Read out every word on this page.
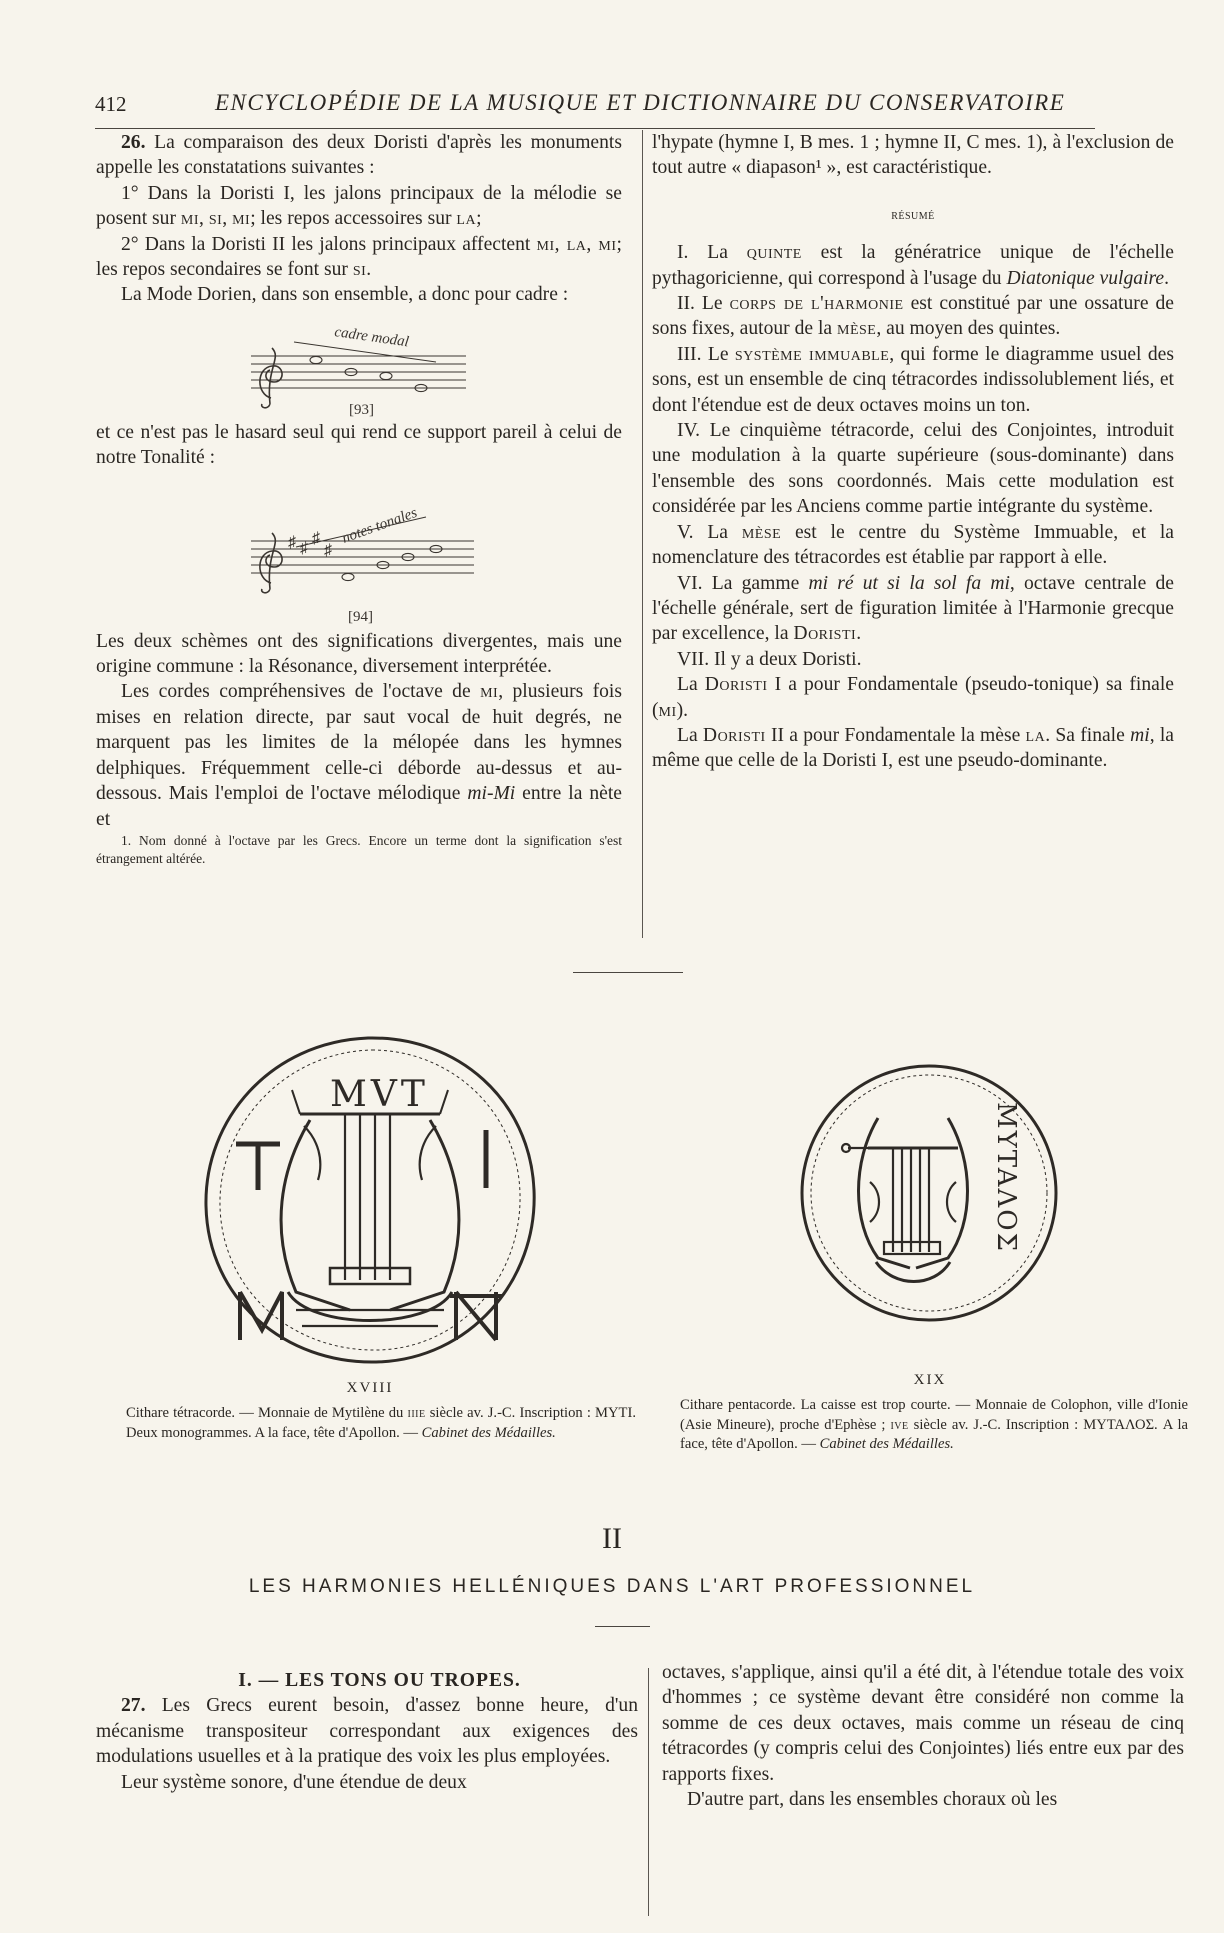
412	ENCYCLOPÉDIE DE LA MUSIQUE ET DICTIONNAIRE DU CONSERVATOIRE

26. La comparaison des deux Doristi d'après les monuments appelle les constatations suivantes :

1° Dans la Doristi I, les jalons principaux de la mélodie se posent sur mi, si, mi; les repos accessoires sur la;

2° Dans la Doristi II les jalons principaux affectent mi, la, mi; les repos secondaires se font sur si.

La Mode Dorien, dans son ensemble, a donc pour cadre :

cadre modal
[93]

et ce n'est pas le hasard seul qui rend ce support pareil à celui de notre Tonalité :

♯ ♯
♯
♯
notes tonales
[94]

Les deux schèmes ont des significations divergentes, mais une origine commune : la Résonance, diversement interprétée.

Les cordes compréhensives de l'octave de mi, plusieurs fois mises en relation directe, par saut vocal de huit degrés, ne marquent pas les limites de la mélopée dans les hymnes delphiques. Fréquemment celle-ci déborde au-dessus et au-dessous. Mais l'emploi de l'octave mélodique mi-Mi entre la nète et

1. Nom donné à l'octave par les Grecs. Encore un terme dont la signification s'est étrangement altérée.

l'hypate (hymne I, B mes. 1 ; hymne II, C mes. 1), à l'exclusion de tout autre « diapason¹ », est caractéristique.

résumé

I. La quinte est la génératrice unique de l'échelle pythagoricienne, qui correspond à l'usage du Diatonique vulgaire.

II. Le corps de l'harmonie est constitué par une ossature de sons fixes, autour de la mèse, au moyen des quintes.

III. Le système immuable, qui forme le diagramme usuel des sons, est un ensemble de cinq tétracordes indissolublement liés, et dont l'étendue est de deux octaves moins un ton.

IV. Le cinquième tétracorde, celui des Conjointes, introduit une modulation à la quarte supérieure (sous-dominante) dans l'ensemble des sons coordonnés. Mais cette modulation est considérée par les Anciens comme partie intégrante du système.

V. La mèse est le centre du Système Immuable, et la nomenclature des tétracordes est établie par rapport à elle.

VI. La gamme mi ré ut si la sol fa mi, octave centrale de l'échelle générale, sert de figuration limitée à l'Harmonie grecque par excellence, la Doristi.

VII. Il y a deux Doristi.

La Doristi I a pour Fondamentale (pseudo-tonique) sa finale (mi).

La Doristi II a pour Fondamentale la mèse la. Sa finale mi, la même que celle de la Doristi I, est une pseudo-dominante.

MVT
XVIII
Cithare tétracorde. — Monnaie de Mytilène du iiie siècle av. J.-C. Inscription : MYTI. Deux monogrammes. A la face, tête d'Apollon. — Cabinet des Médailles.
MYTAΛΟΣ
XIX
Cithare pentacorde. La caisse est trop courte. — Monnaie de Colophon, ville d'Ionie (Asie Mineure), proche d'Ephèse ; ive siècle av. J.-C. Inscription : MYTAΛΟΣ. A la face, tête d'Apollon. — Cabinet des Médailles.
II
LES HARMONIES HELLÉNIQUES DANS L'ART PROFESSIONNEL

I. — LES TONS OU TROPES.

27. Les Grecs eurent besoin, d'assez bonne heure, d'un mécanisme transpositeur correspondant aux exigences des modulations usuelles et à la pratique des voix les plus employées.

Leur système sonore, d'une étendue de deux

octaves, s'applique, ainsi qu'il a été dit, à l'étendue totale des voix d'hommes ; ce système devant être considéré non comme la somme de ces deux octaves, mais comme un réseau de cinq tétracordes (y compris celui des Conjointes) liés entre eux par des rapports fixes.

D'autre part, dans les ensembles choraux où les
